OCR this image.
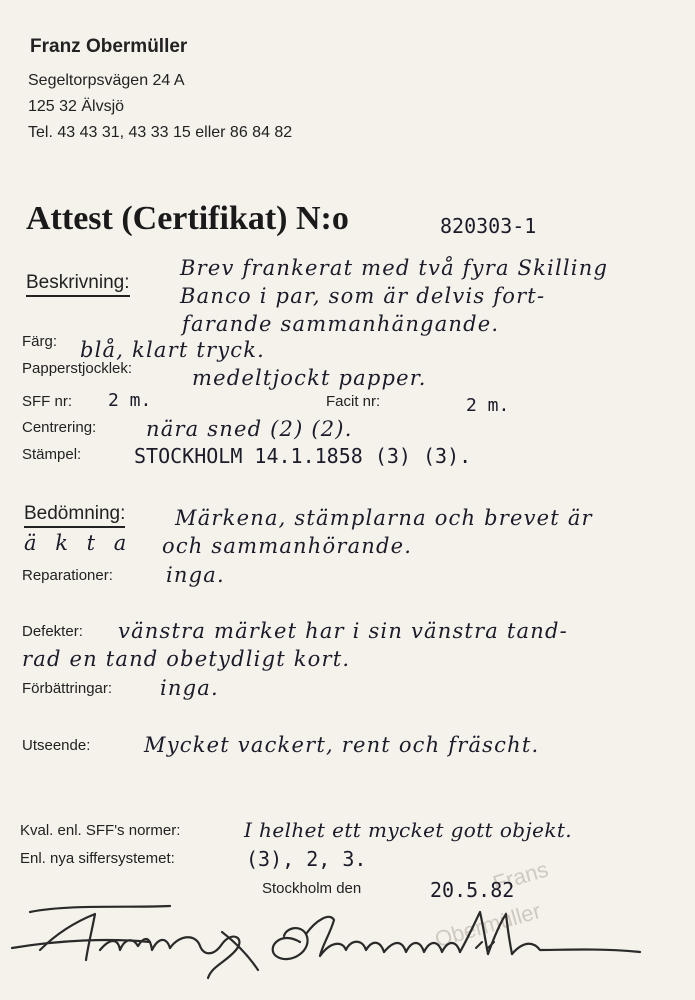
Franz Obermüller
Segeltorpsvägen 24 A
125 32 Älvsjö
Tel. 43 43 31, 43 33 15 eller 86 84 82
Attest (Certifikat) N:o	820303-1
Beskrivning:
Brev frankerat med två fyra Skilling
Banco i par, som är delvis fort-
farande sammanhängande.
Färg: blå, klart tryck.
Papperstjocklek:	medeltjockt papper.
SFF nr: 2 m.	Facit nr:	2 m.
Centrering: nära sned (2) (2).
Stämpel:	STOCKHOLM 14.1.1858 (3) (3).
Bedömning: Märkena, stämplarna och brevet är
ä k t a och sammanhörande.
Reparationer:	inga.
Defekter: vänstra märket har i sin vänstra tand-
rad en tand obetydligt kort.
Förbättringar: inga.
Utseende:	Mycket vackert, rent och fräscht.
Kval. enl. SFF's normer:	I helhet ett mycket gott objekt.
Enl. nya siffersystemet:	(3), 2, 3.	Frans
Obermüller
Stockholm den	20.5.82
